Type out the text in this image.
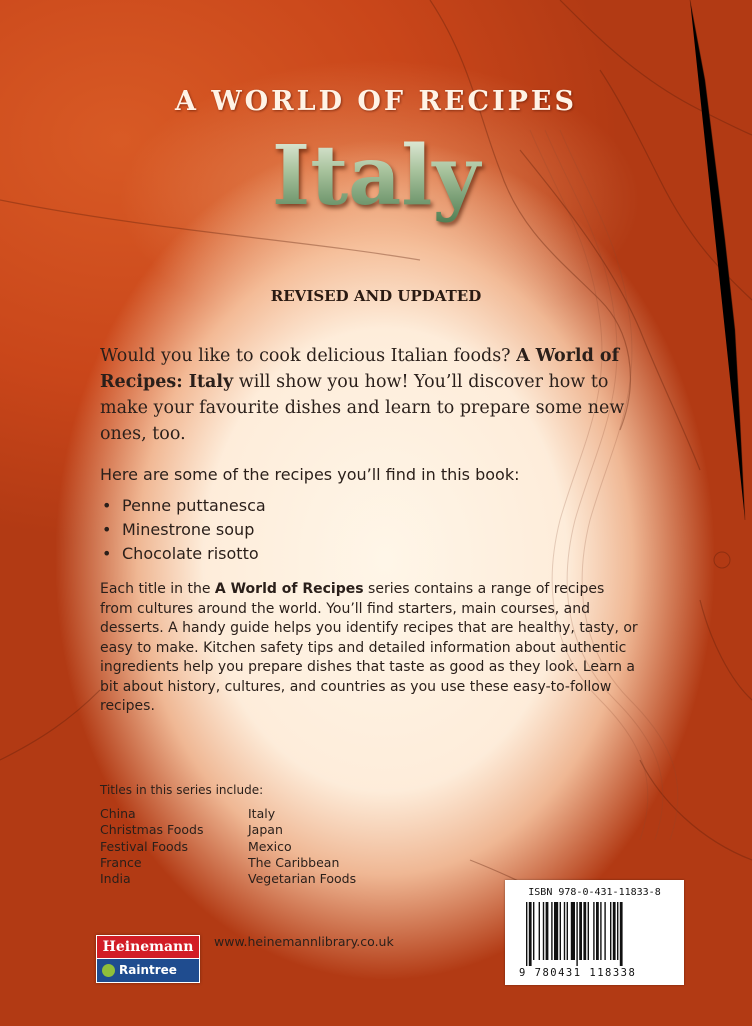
A WORLD OF RECIPES
Italy
REVISED AND UPDATED
Would you like to cook delicious Italian foods? A World of Recipes: Italy will show you how! You’ll discover how to make your favourite dishes and learn to prepare some new ones, too.
Here are some of the recipes you’ll find in this book:
• Penne puttanesca
• Minestrone soup
• Chocolate risotto
Each title in the A World of Recipes series contains a range of recipes from cultures around the world. You’ll find starters, main courses, and desserts. A handy guide helps you identify recipes that are healthy, tasty, or easy to make. Kitchen safety tips and detailed information about authentic ingredients help you prepare dishes that taste as good as they look. Learn a bit about history, cultures, and countries as you use these easy-to-follow recipes.
Titles in this series include:
China
Christmas Foods
Festival Foods
France
India
Italy
Japan
Mexico
The Caribbean
Vegetarian Foods
Heinemann
Raintree
www.heinemannlibrary.co.uk
ISBN 978-0-431-11833-8
9 780431 118338
